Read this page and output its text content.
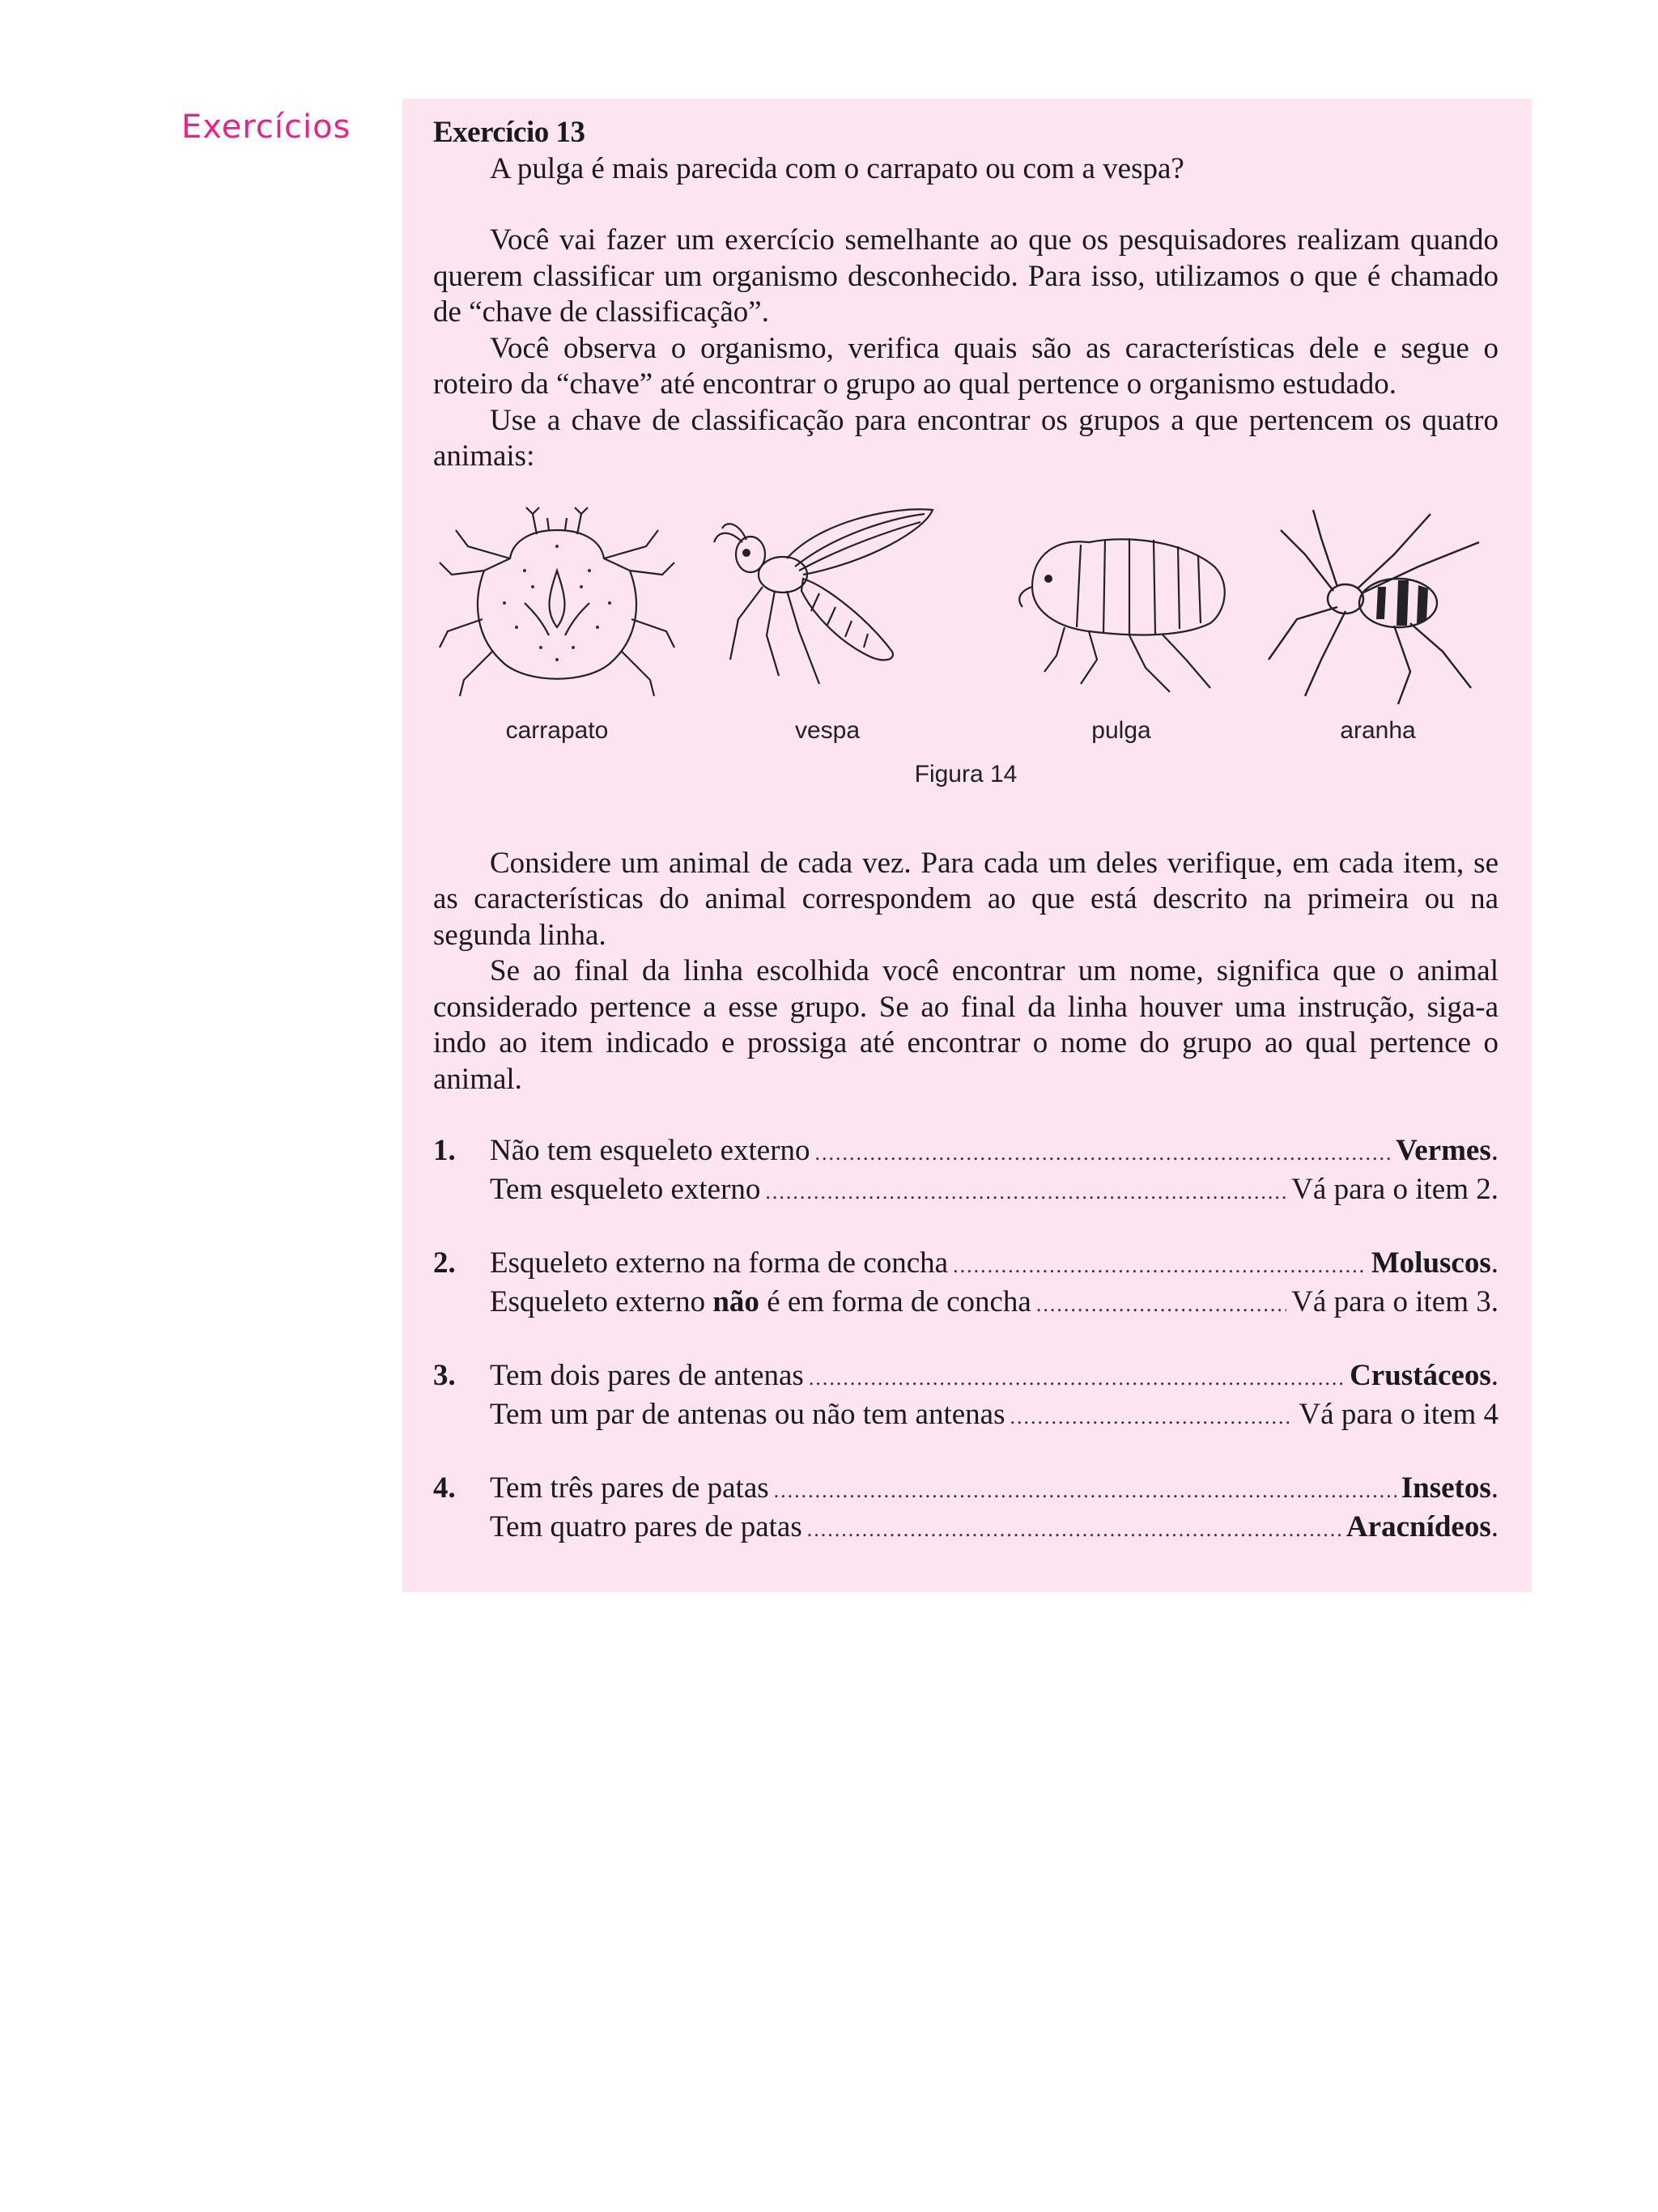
Exercícios	Exercício 13

A pulga é mais parecida com o carrapato ou com a vespa?

Você vai fazer um exercício semelhante ao que os pesquisadores realizam quando querem classificar um organismo desconhecido. Para isso, utilizamos o que é chamado de “chave de classificação”.

Você observa o organismo, verifica quais são as características dele e segue o roteiro da “chave” até encontrar o grupo ao qual pertence o organismo estudado.

Use a chave de classificação para encontrar os grupos a que pertencem os quatro animais:

carrapato	vespa	pulga	aranha
Figura 14

Considere um animal de cada vez. Para cada um deles verifique, em cada item, se as características do animal correspondem ao que está descrito na primeira ou na segunda linha.

Se ao final da linha escolhida você encontrar um nome, significa que o animal considerado pertence a esse grupo. Se ao final da linha houver uma instrução, siga-a indo ao item indicado e prossiga até encontrar o nome do grupo ao qual pertence o animal.

1. Não tem esqueleto externo .....	Vermes.
Tem esqueleto externo .....	Vá para o item 2.
2. Esqueleto externo na forma de concha .....	Moluscos.
Esqueleto externo não é em forma de concha .....	Vá para o item 3.
3. Tem dois pares de antenas .....	Crustáceos.
Tem um par de antenas ou não tem antenas .....	Vá para o item 4
4. Tem três pares de patas .....	Insetos.
Tem quatro pares de patas .....	Aracnídeos.
